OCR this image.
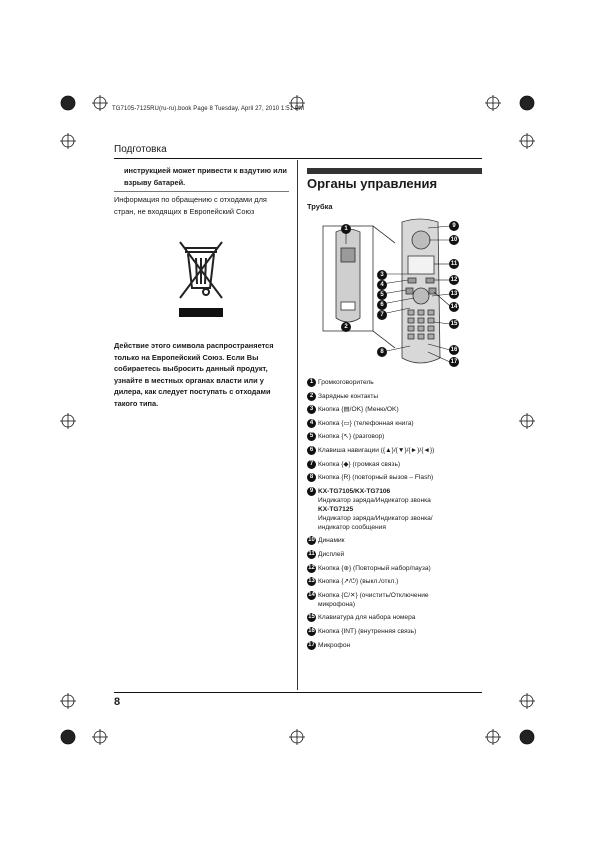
TG7105-7125RU(ru-ru).book Page 8 Tuesday, April 27, 2010 1:51 PM
Подготовка
инструкцией может привести к вздутию или взрыву батарей.
Информация по обращению с отходами для стран, не входящих в Европейский Союз
Действие этого символа распространяется только на Европейский Союз. Если Вы собираетесь выбросить данный продукт, узнайте в местных органах власти или у дилера, как следует поступать с отходами такого типа.
Органы управления
Трубка
1
2
3
4
5
6
7
8
9
10
11
12
13
14
15
16
17
1 Громкоговоритель
2 Зарядные контакты
3 Кнопка {▤/OK} (Меню/OK)
4 Кнопка {▭} (телефонная книга)
5 Кнопка {↖} (разговор)
6 Клавиша навигации ({▲}/{▼}/{►}/{◄})
7 Кнопка {◆} (громкая связь)
8 Кнопка {R} (повторный вызов – Flash)
9 KX-TG7105/KX-TG7106
Индикатор заряда/Индикатор звонка
KX-TG7125
Индикатор заряда/Индикатор звонка/
индикатор сообщения
10 Динамик
11 Дисплей
12 Кнопка {⊕} (Повторный набор/пауза)
13 Кнопка {↗/⏻} (выкл./откл.)
14 Кнопка {C/✕} (очистить/Отключение
микрофона)
15 Клавиатура для набора номера
16 Кнопка {INT} (внутренняя связь)
17 Микрофон
8
